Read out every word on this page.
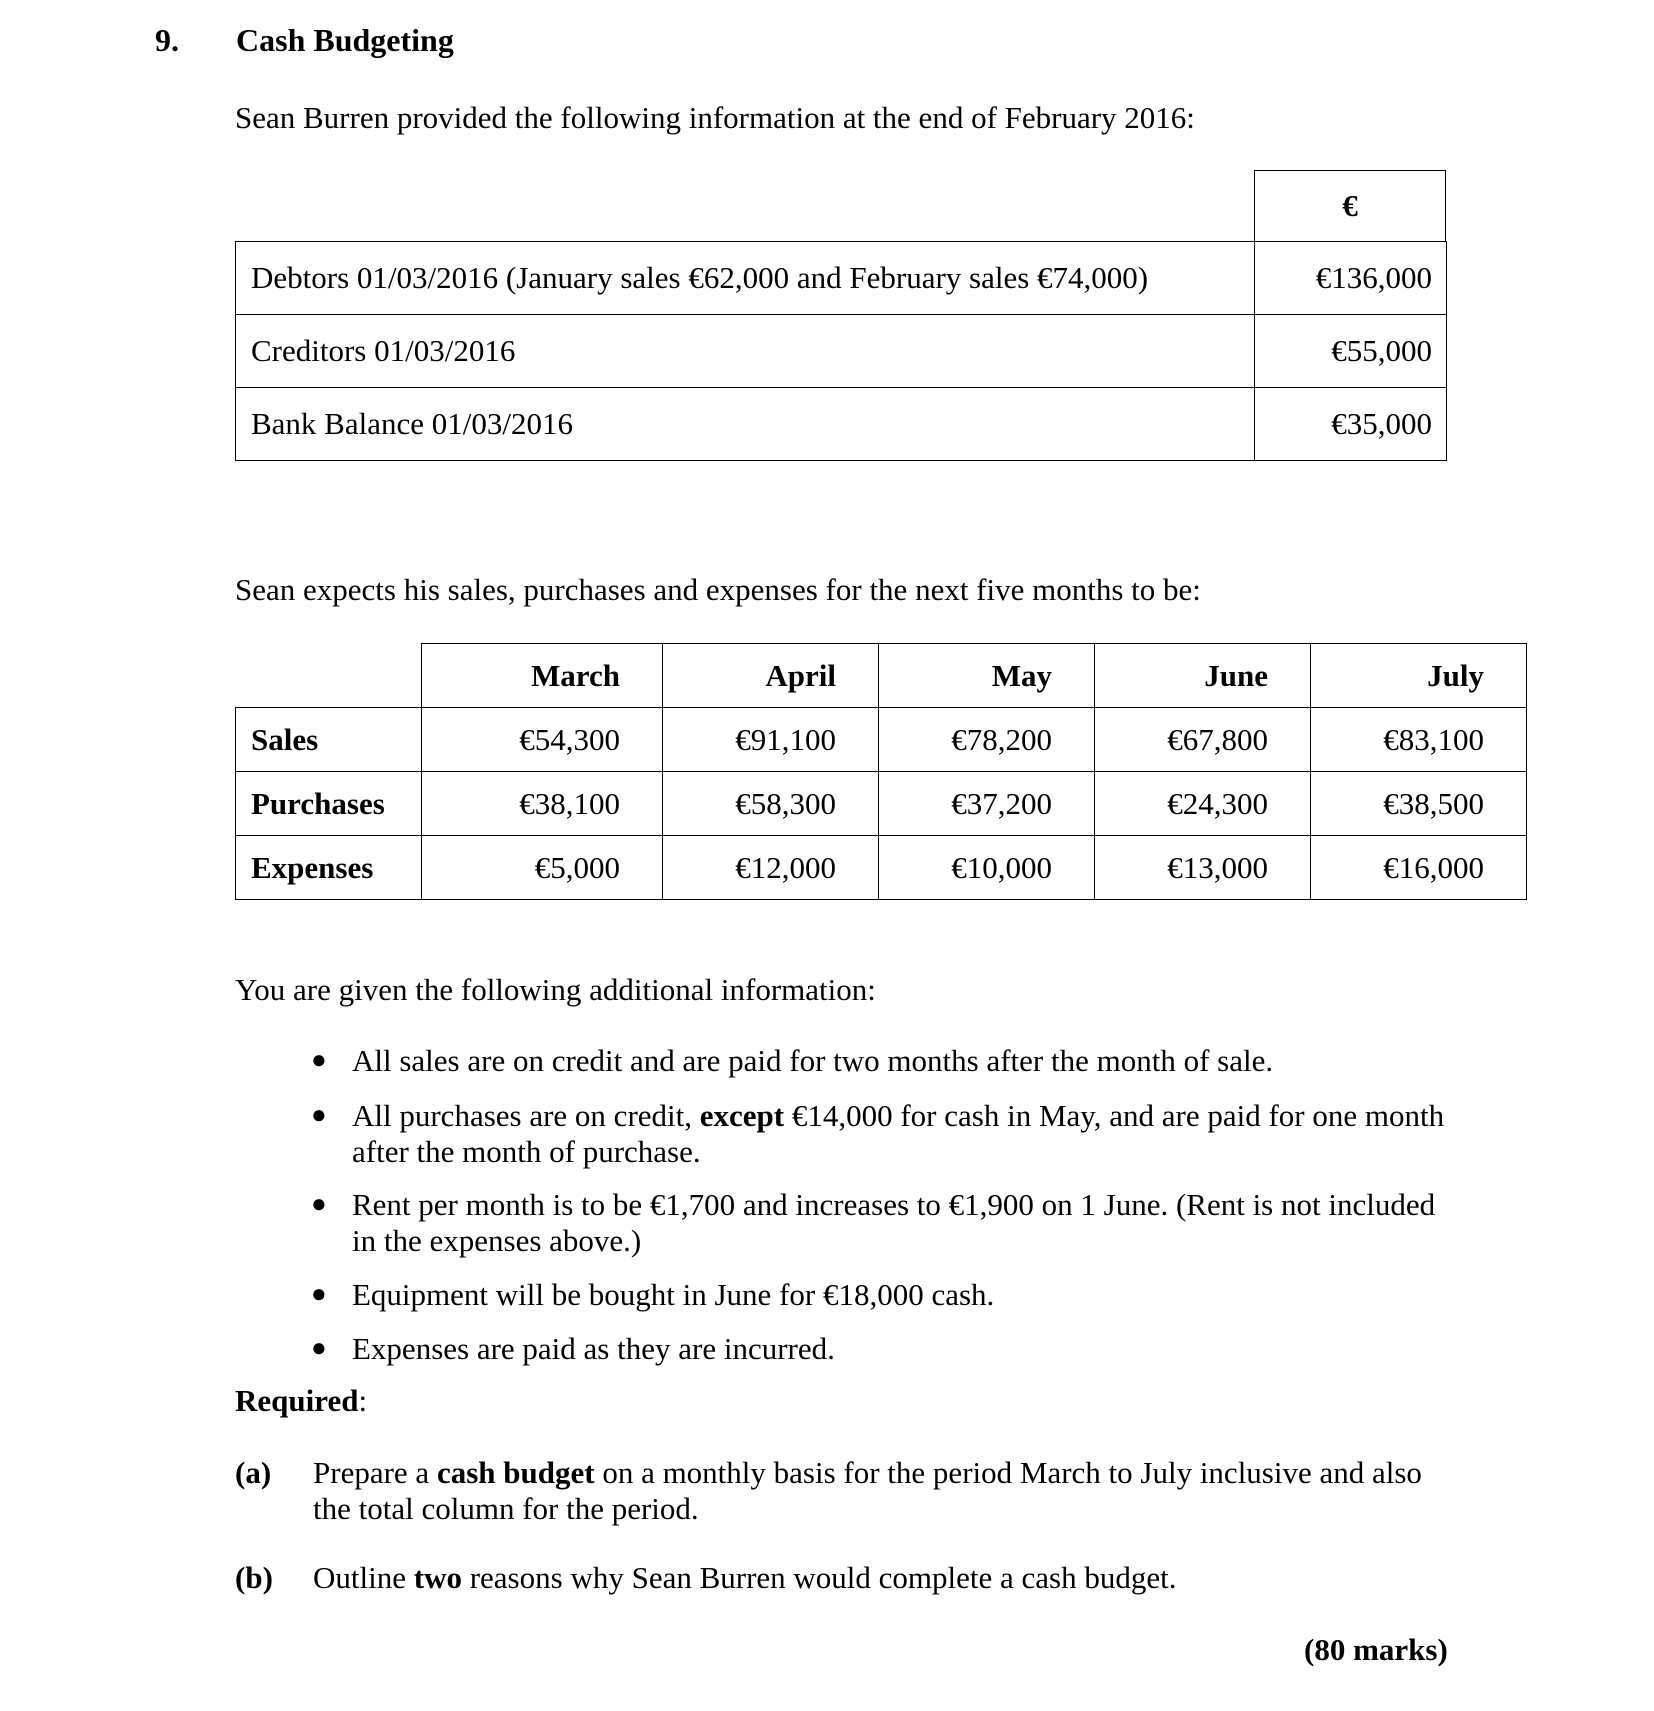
9. Cash Budgeting
Sean Burren provided the following information at the end of February 2016:
€
Debtors 01/03/2016 (January sales €62,000 and February sales €74,000)	€136,000
Creditors 01/03/2016	€55,000
Bank Balance 01/03/2016	€35,000
Sean expects his sales, purchases and expenses for the next five months to be:
	March	April	May	June	July
Sales	€54,300	€91,100	€78,200	€67,800	€83,100
Purchases	€38,100	€58,300	€37,200	€24,300	€38,500
Expenses	€5,000	€12,000	€10,000	€13,000	€16,000
You are given the following additional information:
● All sales are on credit and are paid for two months after the month of sale.
● All purchases are on credit, except €14,000 for cash in May, and are paid for one month after the month of purchase.
● Rent per month is to be €1,700 and increases to €1,900 on 1 June. (Rent is not included in the expenses above.)
● Equipment will be bought in June for €18,000 cash.
● Expenses are paid as they are incurred.
Required:
(a) Prepare a cash budget on a monthly basis for the period March to July inclusive and also the total column for the period.
(b) Outline two reasons why Sean Burren would complete a cash budget.
(80 marks)
